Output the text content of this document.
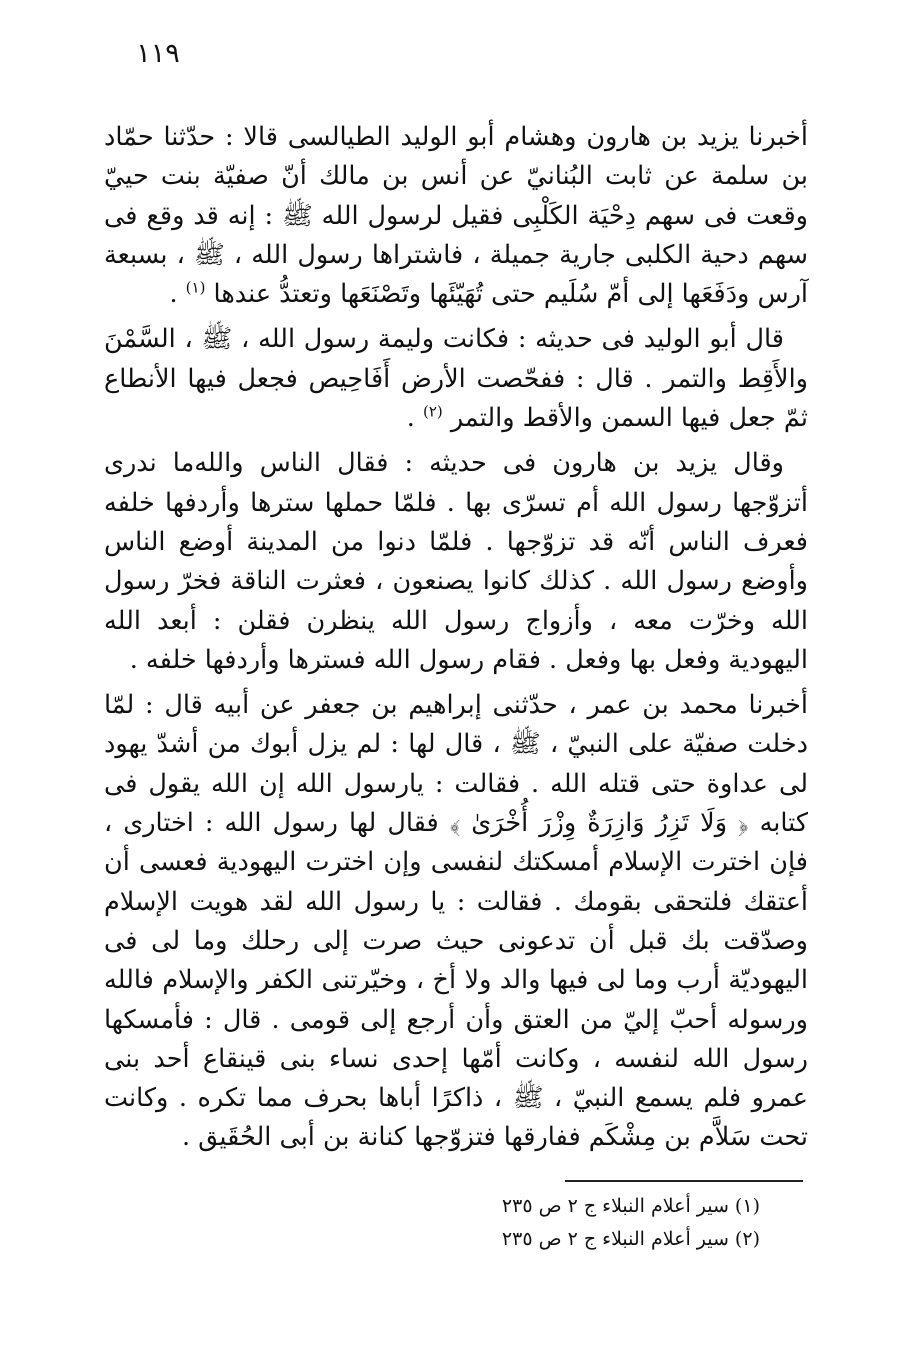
١١٩

أخبرنا يزيد بن هارون وهشام أبو الوليد الطيالسى قالا : حدّثنا حمّاد بن سلمة عن ثابت البُنانيّ عن أنس بن مالك أنّ صفيّة بنت حييّ وقعت فى سهم دِحْيَة الكَلْبِى فقيل لرسول الله ﷺ : إنه قد وقع فى سهم دحية الكلبى جارية جميلة ، فاشتراها رسول الله ، ﷺ ، بسبعة آرس ودَفَعَها إلى أمّ سُلَيم حتى تُهَيّئَها وتَصْنَعَها وتعتدُّ عندها $^{(١)}$ .

قال أبو الوليد فى حديثه : فكانت وليمة رسول الله ، ﷺ ، السَّمْنَ والأَقِط والتمر . قال : ففحّصت الأرض أَفَاحِيص فجعل فيها الأنطاع ثمّ جعل فيها السمن والأقط والتمر $^{(٢)}$ .

وقال يزيد بن هارون فى حديثه : فقال الناس والله‌ما ندرى أتزوّجها رسول الله أم تسرّى بها . فلمّا حملها سترها وأردفها خلفه فعرف الناس أنّه قد تزوّجها . فلمّا دنوا من المدينة أوضع الناس وأوضع رسول الله . كذلك كانوا يصنعون ، فعثرت الناقة فخرّ رسول الله وخرّت معه ، وأزواج رسول الله ينظرن فقلن : أبعد الله اليهودية وفعل بها وفعل . فقام رسول الله فسترها وأردفها خلفه .

أخبرنا محمد بن عمر ، حدّثنى إبراهيم بن جعفر عن أبيه قال : لمّا دخلت صفيّة على النبيّ ، ﷺ ، قال لها : لم يزل أبوك من أشدّ يهود لى عداوة حتى قتله الله . فقالت : يارسول الله إن الله يقول فى كتابه ﴿ وَلَا تَزِرُ وَازِرَةٌ وِزْرَ أُخْرَىٰ ﴾ فقال لها رسول الله : اختارى ، فإن اخترت الإسلام أمسكتك لنفسى وإن اخترت اليهودية فعسى أن أعتقك فلتحقى بقومك . فقالت : يا رسول الله لقد هويت الإسلام وصدّقت بك قبل أن تدعونى حيث صرت إلى رحلك وما لى فى اليهوديّة أرب وما لى فيها والد ولا أخ ، وخيّرتنى الكفر والإسلام فالله ورسوله أحبّ إليّ من العتق وأن أرجع إلى قومى . قال : فأمسكها رسول الله لنفسه ، وكانت أمّها إحدى نساء بنى قينقاع أحد بنى عمرو فلم يسمع النبيّ ، ﷺ ، ذاكرًا أباها بحرف مما تكره . وكانت تحت سَلاَّم بن مِشْكَم ففارقها فتزوّجها كنانة بن أبى الحُقَيق .

(١) سير أعلام النبلاء ج ٢ ص ٢٣٥

(٢) سير أعلام النبلاء ج ٢ ص ٢٣٥
